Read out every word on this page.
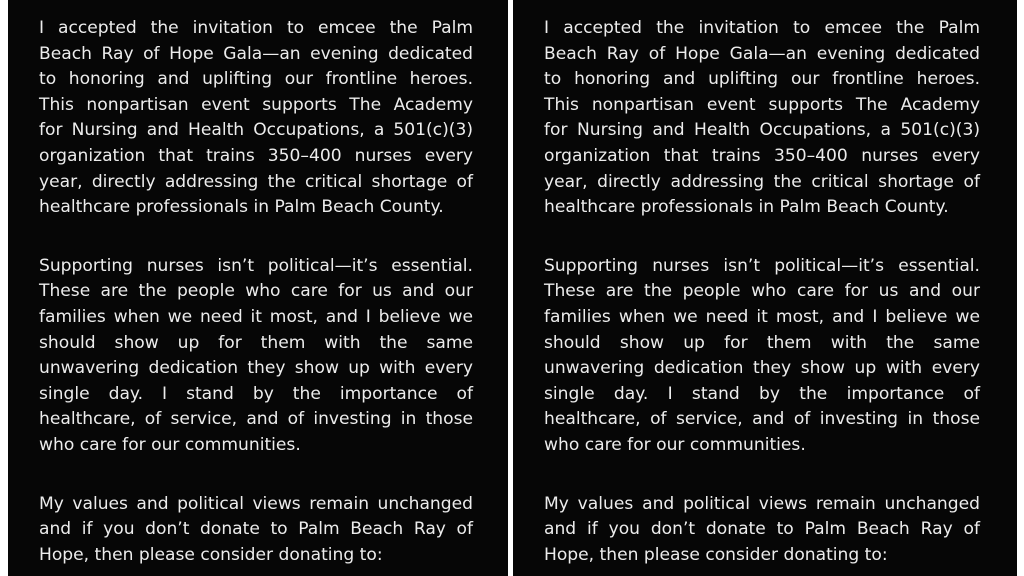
I accepted the invitation to emcee the Palm
Beach Ray of Hope Gala—an evening dedicated
to honoring and uplifting our frontline heroes.
This nonpartisan event supports The Academy
for Nursing and Health Occupations, a 501(c)(3)
organization that trains 350–400 nurses every
year, directly addressing the critical shortage of
healthcare professionals in Palm Beach County.
Supporting nurses isn’t political—it’s essential.
These are the people who care for us and our
families when we need it most, and I believe we
should show up for them with the same
unwavering dedication they show up with every
single day. I stand by the importance of
healthcare, of service, and of investing in those
who care for our communities.
My values and political views remain unchanged
and if you don’t donate to Palm Beach Ray of
Hope, then please consider donating to:
I accepted the invitation to emcee the Palm
Beach Ray of Hope Gala—an evening dedicated
to honoring and uplifting our frontline heroes.
This nonpartisan event supports The Academy
for Nursing and Health Occupations, a 501(c)(3)
organization that trains 350–400 nurses every
year, directly addressing the critical shortage of
healthcare professionals in Palm Beach County.
Supporting nurses isn’t political—it’s essential.
These are the people who care for us and our
families when we need it most, and I believe we
should show up for them with the same
unwavering dedication they show up with every
single day. I stand by the importance of
healthcare, of service, and of investing in those
who care for our communities.
My values and political views remain unchanged
and if you don’t donate to Palm Beach Ray of
Hope, then please consider donating to:
